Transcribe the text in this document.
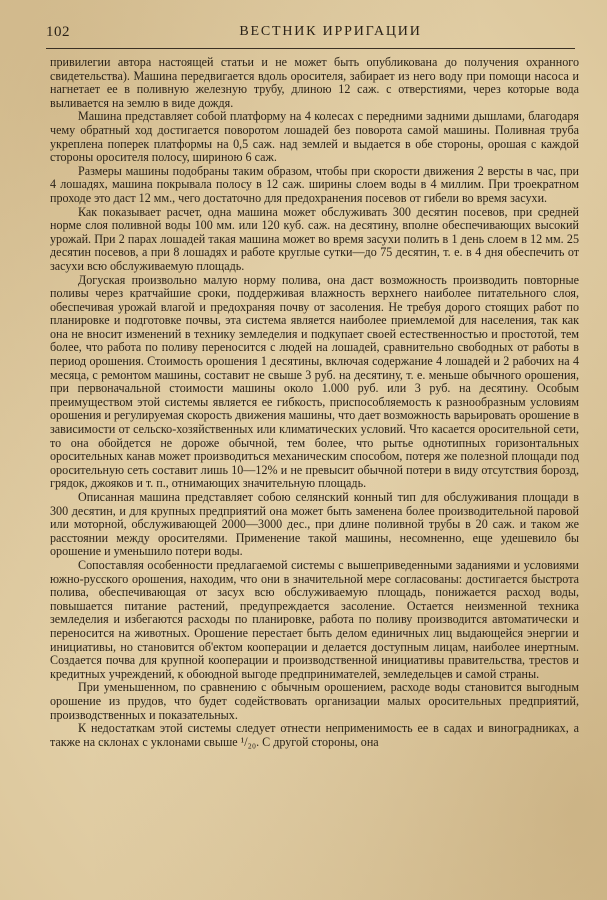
102	ВЕСТНИК ИРРИГАЦИИ

привилегии автора настоящей статьи и не может быть опубликована до получения охранного свидетельства). Машина передвигается вдоль оросителя, забирает из него воду при помощи насоса и нагнетает ее в поливную железную трубу, длиною 12 саж. с отверстиями, через которые вода выливается на землю в виде дождя.

Машина представляет собой платформу на 4 колесах с передними задними дышлами, благодаря чему обратный ход достигается поворотом лошадей без поворота самой машины. Поливная труба укреплена поперек платформы на 0,5 саж. над землей и выдается в обе стороны, орошая с каждой стороны оросителя полосу, шириною 6 саж.

Размеры машины подобраны таким образом, чтобы при скорости движения 2 версты в час, при 4 лошадях, машина покрывала полосу в 12 саж. ширины слоем воды в 4 миллим. При троекратном проходе это даст 12 мм., чего достаточно для предохранения посевов от гибели во время засухи.

Как показывает расчет, одна машина может обслуживать 300 десятин посевов, при средней норме слоя поливной воды 100 мм. или 120 куб. саж. на десятину, вполне обеспечивающих высокий урожай. При 2 парах лошадей такая машина может во время засухи полить в 1 день слоем в 12 мм. 25 десятин посевов, а при 8 лошадях и работе круглые сутки—до 75 десятин, т. е. в 4 дня обеспечить от засухи всю обслуживаемую площадь.

Догуская произвольно малую норму полива, она даст возможность производить повторные поливы через кратчайшие сроки, поддерживая влажность верхнего наиболее питательного слоя, обеспечивая урожай влагой и предохраняя почву от засоления. Не требуя дорого стоящих работ по планировке и подготовке почвы, эта система является наиболее приемлемой для населения, так как она не вносит изменений в технику земледелия и подкупает своей естественностью и простотой, тем более, что работа по поливу переносится с людей на лошадей, сравнительно свободных от работы в период орошения. Стоимость орошения 1 десятины, включая содержание 4 лошадей и 2 рабочих на 4 месяца, с ремонтом машины, составит не свыше 3 руб. на десятину, т. е. меньше обычного орошения, при первоначальной стоимости машины около 1.000 руб. или 3 руб. на десятину. Особым преимуществом этой системы является ее гибкость, приспособляемость к разнообразным условиям орошения и регулируемая скорость движения машины, что дает возможность варьировать орошение в зависимости от сельско-хозяйственных или климатических условий. Что касается оросительной сети, то она обойдется не дороже обычной, тем более, что рытье однотипных горизонтальных оросительных канав может производиться механическим способом, потеря же полезной площади под оросительную сеть составит лишь 10—12% и не превысит обычной потери в виду отсутствия борозд, грядок, джояков и т. п., отнимающих значительную площадь.

Описанная машина представляет собою селянский конный тип для обслуживания площади в 300 десятин, и для крупных предприятий она может быть заменена более производительной паровой или моторной, обслуживающей 2000—3000 дес., при длине поливной трубы в 20 саж. и таком же расстоянии между оросителями. Применение такой машины, несомненно, еще удешевило бы орошение и уменьшило потери воды.

Сопоставляя особенности предлагаемой системы с вышеприведенными заданиями и условиями южно-русского орошения, находим, что они в значительной мере согласованы: достигается быстрота полива, обеспечивающая от засух всю обслуживаемую площадь, понижается расход воды, повышается питание растений, предупреждается засоление. Остается неизменной техника земледелия и избегаются расходы по планировке, работа по поливу производится автоматически и переносится на животных. Орошение перестает быть делом единичных лиц выдающейся энергии и инициативы, но становится об'ектом кооперации и делается доступным лицам, наиболее инертным. Создается почва для крупной кооперации и производственной инициативы правительства, трестов и кредитных учреждений, к обоюдной выгоде предпринимателей, земледельцев и самой страны.

При уменьшенном, по сравнению с обычным орошением, расходе воды становится выгодным орошение из прудов, что будет содействовать организации малых оросительных предприятий, производственных и показательных.

К недостаткам этой системы следует отнести неприменимость ее в садах и виноградниках, а также на склонах с уклонами свыше ¹/₂₀. С другой стороны, она
